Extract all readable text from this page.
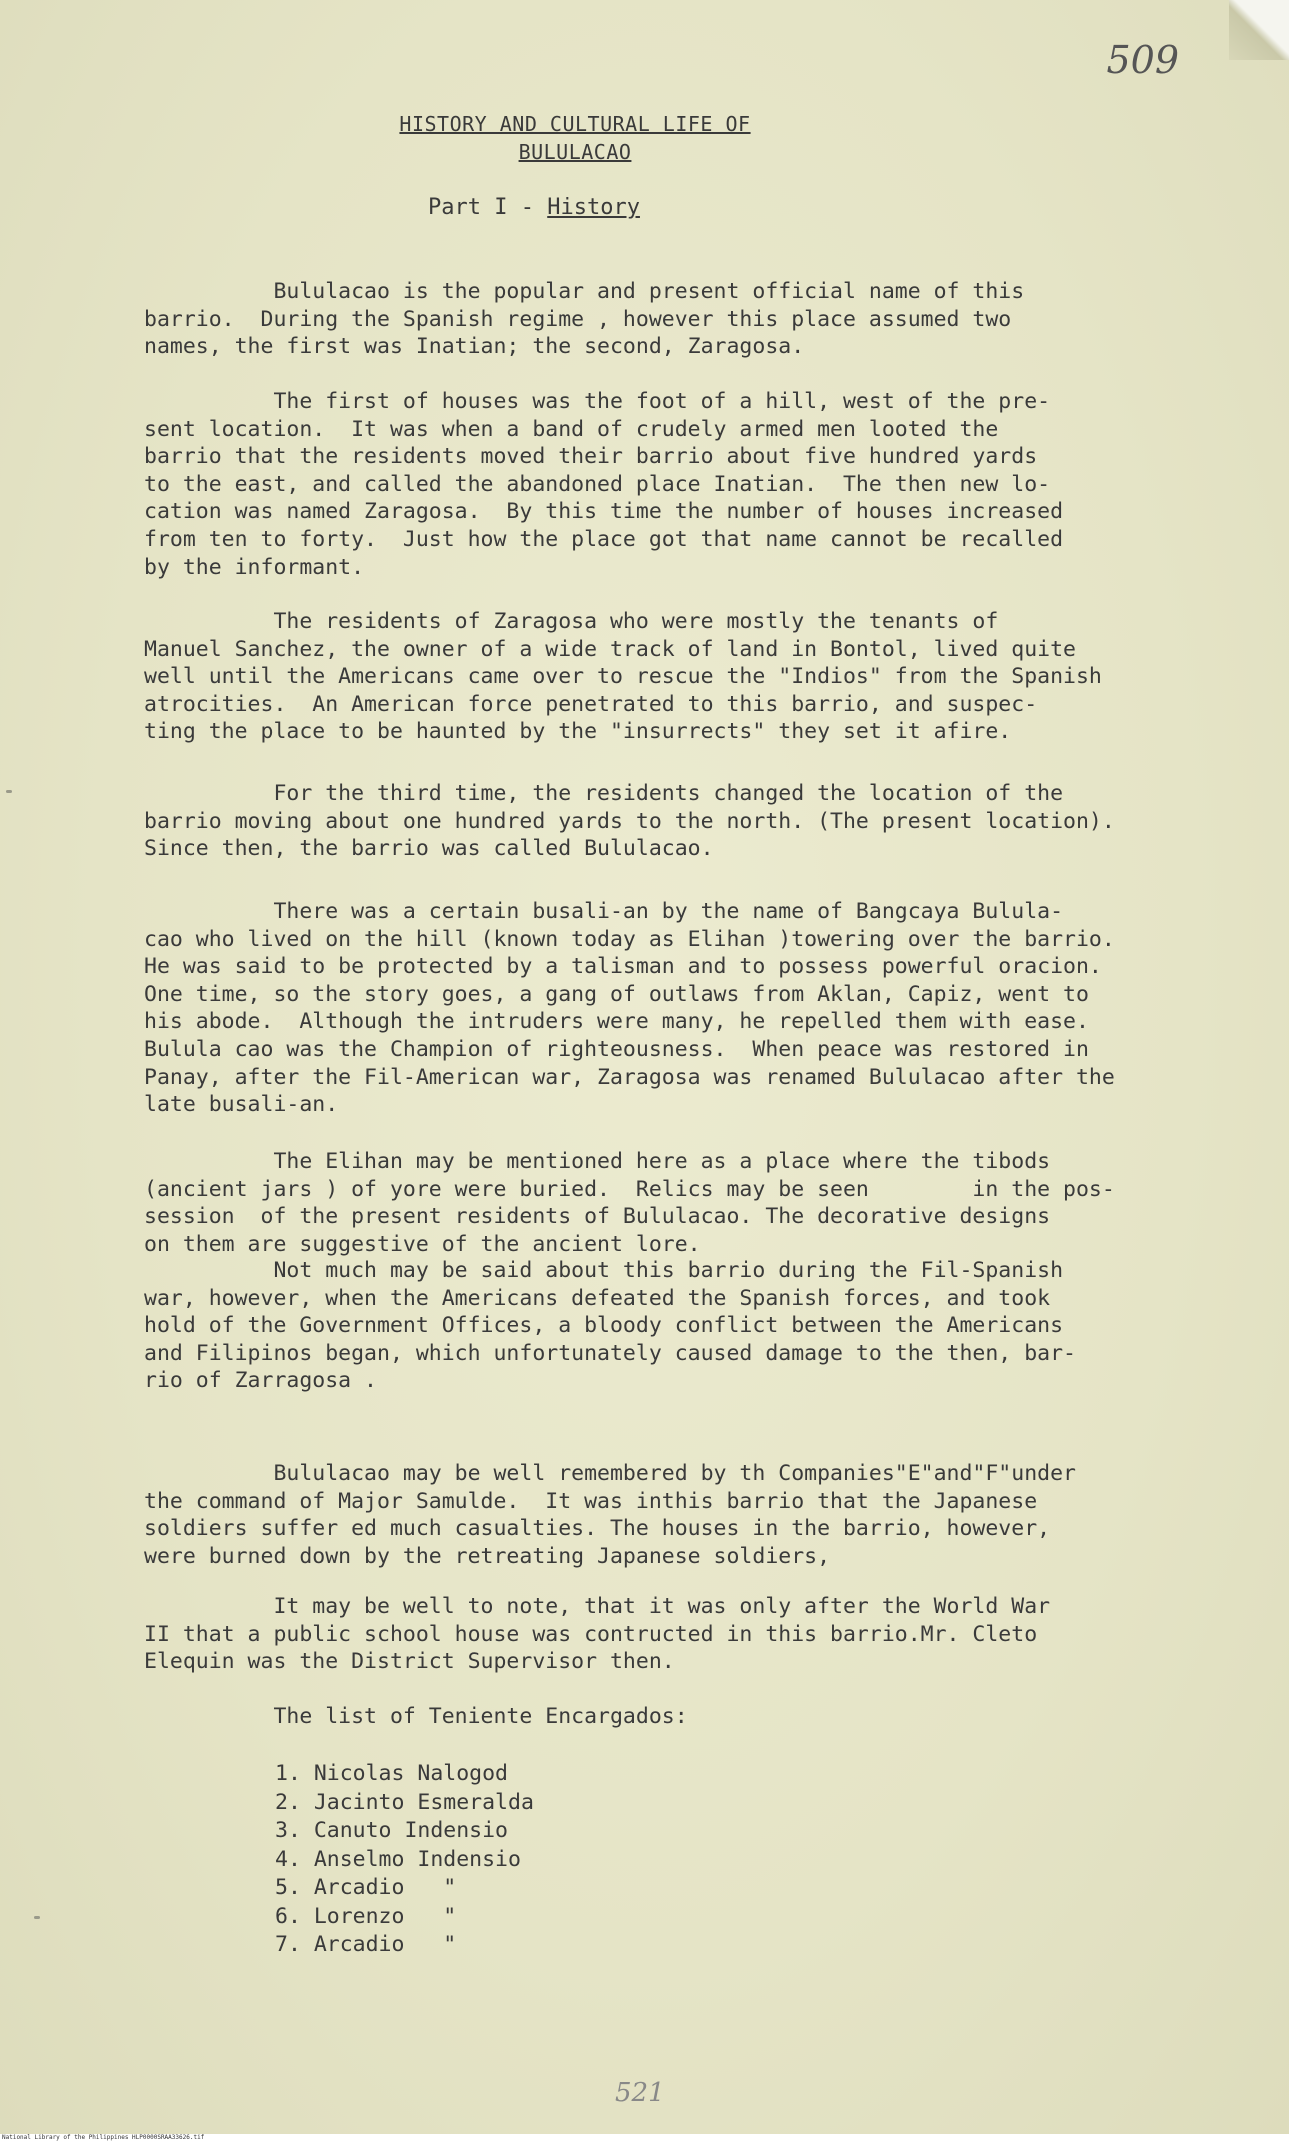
509
HISTORY AND CULTURAL LIFE OF
BULULACAO
Part I - History
Bululacao is the popular and present official name of this
barrio.  During the Spanish regime , however this place assumed two
names, the first was Inatian; the second, Zaragosa.
The first of houses was the foot of a hill, west of the pre-
sent location.  It was when a band of crudely armed men looted the
barrio that the residents moved their barrio about five hundred yards
to the east, and called the abandoned place Inatian.  The then new lo-
cation was named Zaragosa.  By this time the number of houses increased
from ten to forty.  Just how the place got that name cannot be recalled
by the informant.
The residents of Zaragosa who were mostly the tenants of
Manuel Sanchez, the owner of a wide track of land in Bontol, lived quite
well until the Americans came over to rescue the "Indios" from the Spanish
atrocities.  An American force penetrated to this barrio, and suspec-
ting the place to be haunted by the "insurrects" they set it afire.
For the third time, the residents changed the location of the
barrio moving about one hundred yards to the north. (The present location).
Since then, the barrio was called Bululacao.
There was a certain busali-an by the name of Bangcaya Bulula-
cao who lived on the hill (known today as Elihan )towering over the barrio.
He was said to be protected by a talisman and to possess powerful oracion.
One time, so the story goes, a gang of outlaws from Aklan, Capiz, went to
his abode.  Although the intruders were many, he repelled them with ease.
Bulula cao was the Champion of righteousness.  When peace was restored in
Panay, after the Fil-American war, Zaragosa was renamed Bululacao after the
late busali-an.
The Elihan may be mentioned here as a place where the tibods
(ancient jars ) of yore were buried.  Relics may be seen        in the pos-
session  of the present residents of Bululacao. The decorative designs
on them are suggestive of the ancient lore.
Not much may be said about this barrio during the Fil-Spanish
war, however, when the Americans defeated the Spanish forces, and took
hold of the Government Offices, a bloody conflict between the Americans
and Filipinos began, which unfortunately caused damage to the then, bar-
rio of Zarragosa .
Bululacao may be well remembered by th Companies"E"and"F"under
the command of Major Samulde.  It was inthis barrio that the Japanese
soldiers suffer ed much casualties. The houses in the barrio, however,
were burned down by the retreating Japanese soldiers,
It may be well to note, that it was only after the World War
II that a public school house was contructed in this barrio.Mr. Cleto
Elequin was the District Supervisor then.
The list of Teniente Encargados:
1. Nicolas Nalogod
2. Jacinto Esmeralda
3. Canuto Indensio
4. Anselmo Indensio
5. Arcadio   "
6. Lorenzo   "
7. Arcadio   "
521
National Library of the Philippines HLP0000SRAA33626.tif
